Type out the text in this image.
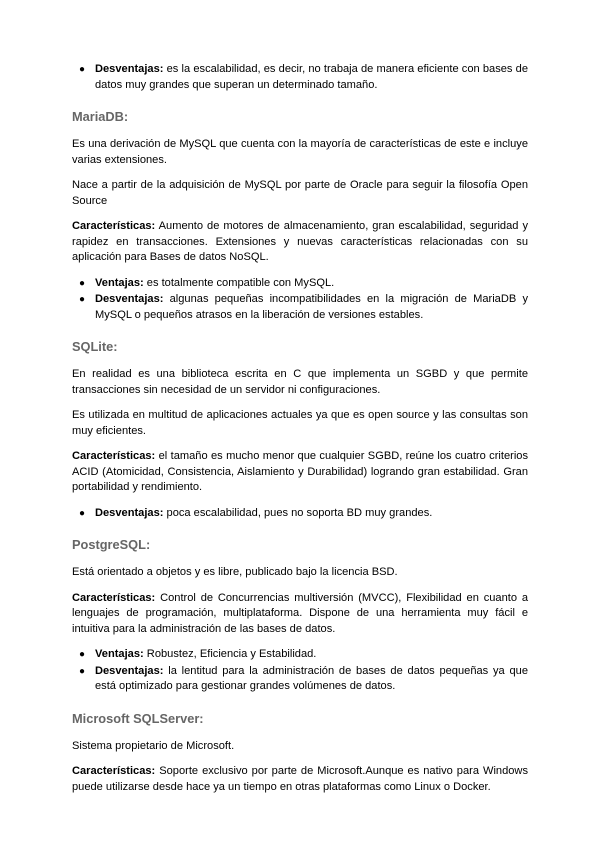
● Desventajas: es la escalabilidad, es decir, no trabaja de manera eficiente con bases de datos muy grandes que superan un determinado tamaño.
MariaDB:

Es una derivación de MySQL que cuenta con la mayoría de características de este e incluye varias extensiones.

Nace a partir de la adquisición de MySQL por parte de Oracle para seguir la filosofía Open Source

Características: Aumento de motores de almacenamiento, gran escalabilidad, seguridad y rapidez en transacciones. Extensiones y nuevas características relacionadas con su aplicación para Bases de datos NoSQL.

● Ventajas: es totalmente compatible con MySQL.
● Desventajas: algunas pequeñas incompatibilidades en la migración de MariaDB y MySQL o pequeños atrasos en la liberación de versiones estables.
SQLite:

En realidad es una biblioteca escrita en C que implementa un SGBD y que permite transacciones sin necesidad de un servidor ni configuraciones.

Es utilizada en multitud de aplicaciones actuales ya que es open source y las consultas son muy eficientes.

Características: el tamaño es mucho menor que cualquier SGBD, reúne los cuatro criterios ACID (Atomicidad, Consistencia, Aislamiento y Durabilidad) logrando gran estabilidad. Gran portabilidad y rendimiento.

● Desventajas: poca escalabilidad, pues no soporta BD muy grandes.
PostgreSQL:

Está orientado a objetos y es libre, publicado bajo la licencia BSD.

Características: Control de Concurrencias multiversión (MVCC), Flexibilidad en cuanto a lenguajes de programación, multiplataforma. Dispone de una herramienta muy fácil e intuitiva para la administración de las bases de datos.

● Ventajas: Robustez, Eficiencia y Estabilidad.
● Desventajas: la lentitud para la administración de bases de datos pequeñas ya que está optimizado para gestionar grandes volúmenes de datos.
Microsoft SQLServer:

Sistema propietario de Microsoft.

Características: Soporte exclusivo por parte de Microsoft.Aunque es nativo para Windows puede utilizarse desde hace ya un tiempo en otras plataformas como Linux o Docker.
